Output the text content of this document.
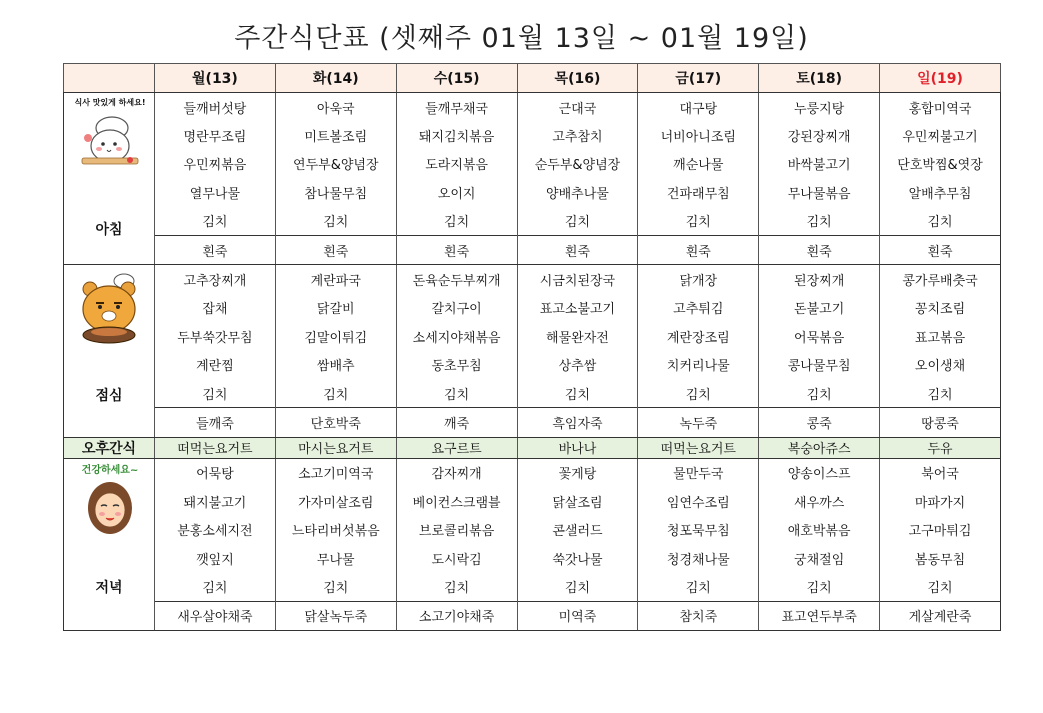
주간식단표 (셋째주 01월 13일 ~ 01월 19일)
	월(13)	화(14)	수(15)	목(16)	금(17)	토(18)	일(19)

식사 맛있게 하세요!
아침	들깨버섯탕	아욱국	들깨무채국	근대국	대구탕	누룽지탕	홍합미역국
	명란무조림	미트볼조림	돼지김치볶음	고추참치	너비아니조림	강된장찌개	우민찌불고기
	우민찌볶음	연두부&양념장	도라지볶음	순두부&양념장	깨순나물	바싹불고기	단호박찜&엿장
	열무나물	참나물무침	오이지	양배추나물	건파래무침	무나물볶음	알배추무침
	김치	김치	김치	김치	김치	김치	김치
	흰죽	흰죽	흰죽	흰죽	흰죽	흰죽	흰죽

점심	고추장찌개	계란파국	돈육순두부찌개	시금치된장국	닭개장	된장찌개	콩가루배춧국
	잡채	닭갈비	갈치구이	표고소불고기	고추튀김	돈불고기	꽁치조림
	두부쑥갓무침	김말이튀김	소세지야채볶음	해물완자전	계란장조림	어묵볶음	표고볶음
	계란찜	쌈배추	동초무침	상추쌈	치커리나물	콩나물무침	오이생채
	김치	김치	김치	김치	김치	김치	김치
	들깨죽	단호박죽	깨죽	흑임자죽	녹두죽	콩죽	땅콩죽
오후간식	떠먹는요거트	마시는요거트	요구르트	바나나	떠먹는요거트	복숭아쥬스	두유

건강하세요~
저녁	어묵탕	소고기미역국	감자찌개	꽃게탕	물만두국	양송이스프	북어국
	돼지불고기	가자미살조림	베이컨스크램블	닭살조림	임연수조림	새우까스	마파가지
	분홍소세지전	느타리버섯볶음	브로콜리볶음	콘샐러드	청포묵무침	애호박볶음	고구마튀김
	깻잎지	무나물	도시락김	쑥갓나물	청경채나물	궁채절임	봄동무침
	김치	김치	김치	김치	김치	김치	김치
	새우살야채죽	닭살녹두죽	소고기야채죽	미역죽	참치죽	표고연두부죽	게살계란죽
